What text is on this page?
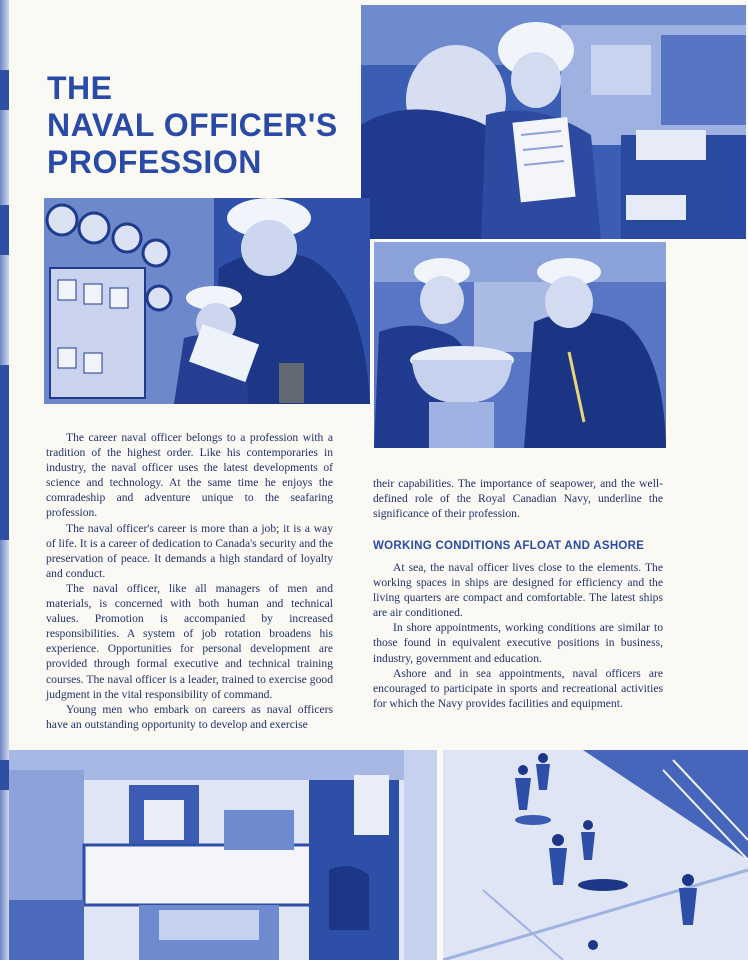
THE
NAVAL OFFICER'S
PROFESSION

The career naval officer belongs to a profession with a tradition of the highest order. Like his contemporaries in industry, the naval officer uses the latest developments of science and technology. At the same time he enjoys the comradeship and adventure unique to the seafaring profession.

The naval officer's career is more than a job; it is a way of life. It is a career of dedication to Canada's security and the preservation of peace. It demands a high standard of loyalty and conduct.

The naval officer, like all managers of men and materials, is concerned with both human and technical values. Promotion is accompanied by increased responsibilities. A system of job rotation broadens his experience. Opportunities for personal development are provided through formal executive and technical training courses. The naval officer is a leader, trained to exercise good judgment in the vital responsibility of command.

Young men who embark on careers as naval officers have an outstanding opportunity to develop and exercise

their capabilities. The importance of seapower, and the well-defined role of the Royal Canadian Navy, underline the significance of their profession.

WORKING CONDITIONS AFLOAT AND ASHORE

At sea, the naval officer lives close to the elements. The working spaces in ships are designed for efficiency and the living quarters are compact and comfortable. The latest ships are air conditioned.

In shore appointments, working conditions are similar to those found in equivalent executive positions in business, industry, government and education.

Ashore and in sea appointments, naval officers are encouraged to participate in sports and recreational activities for which the Navy provides facilities and equipment.
